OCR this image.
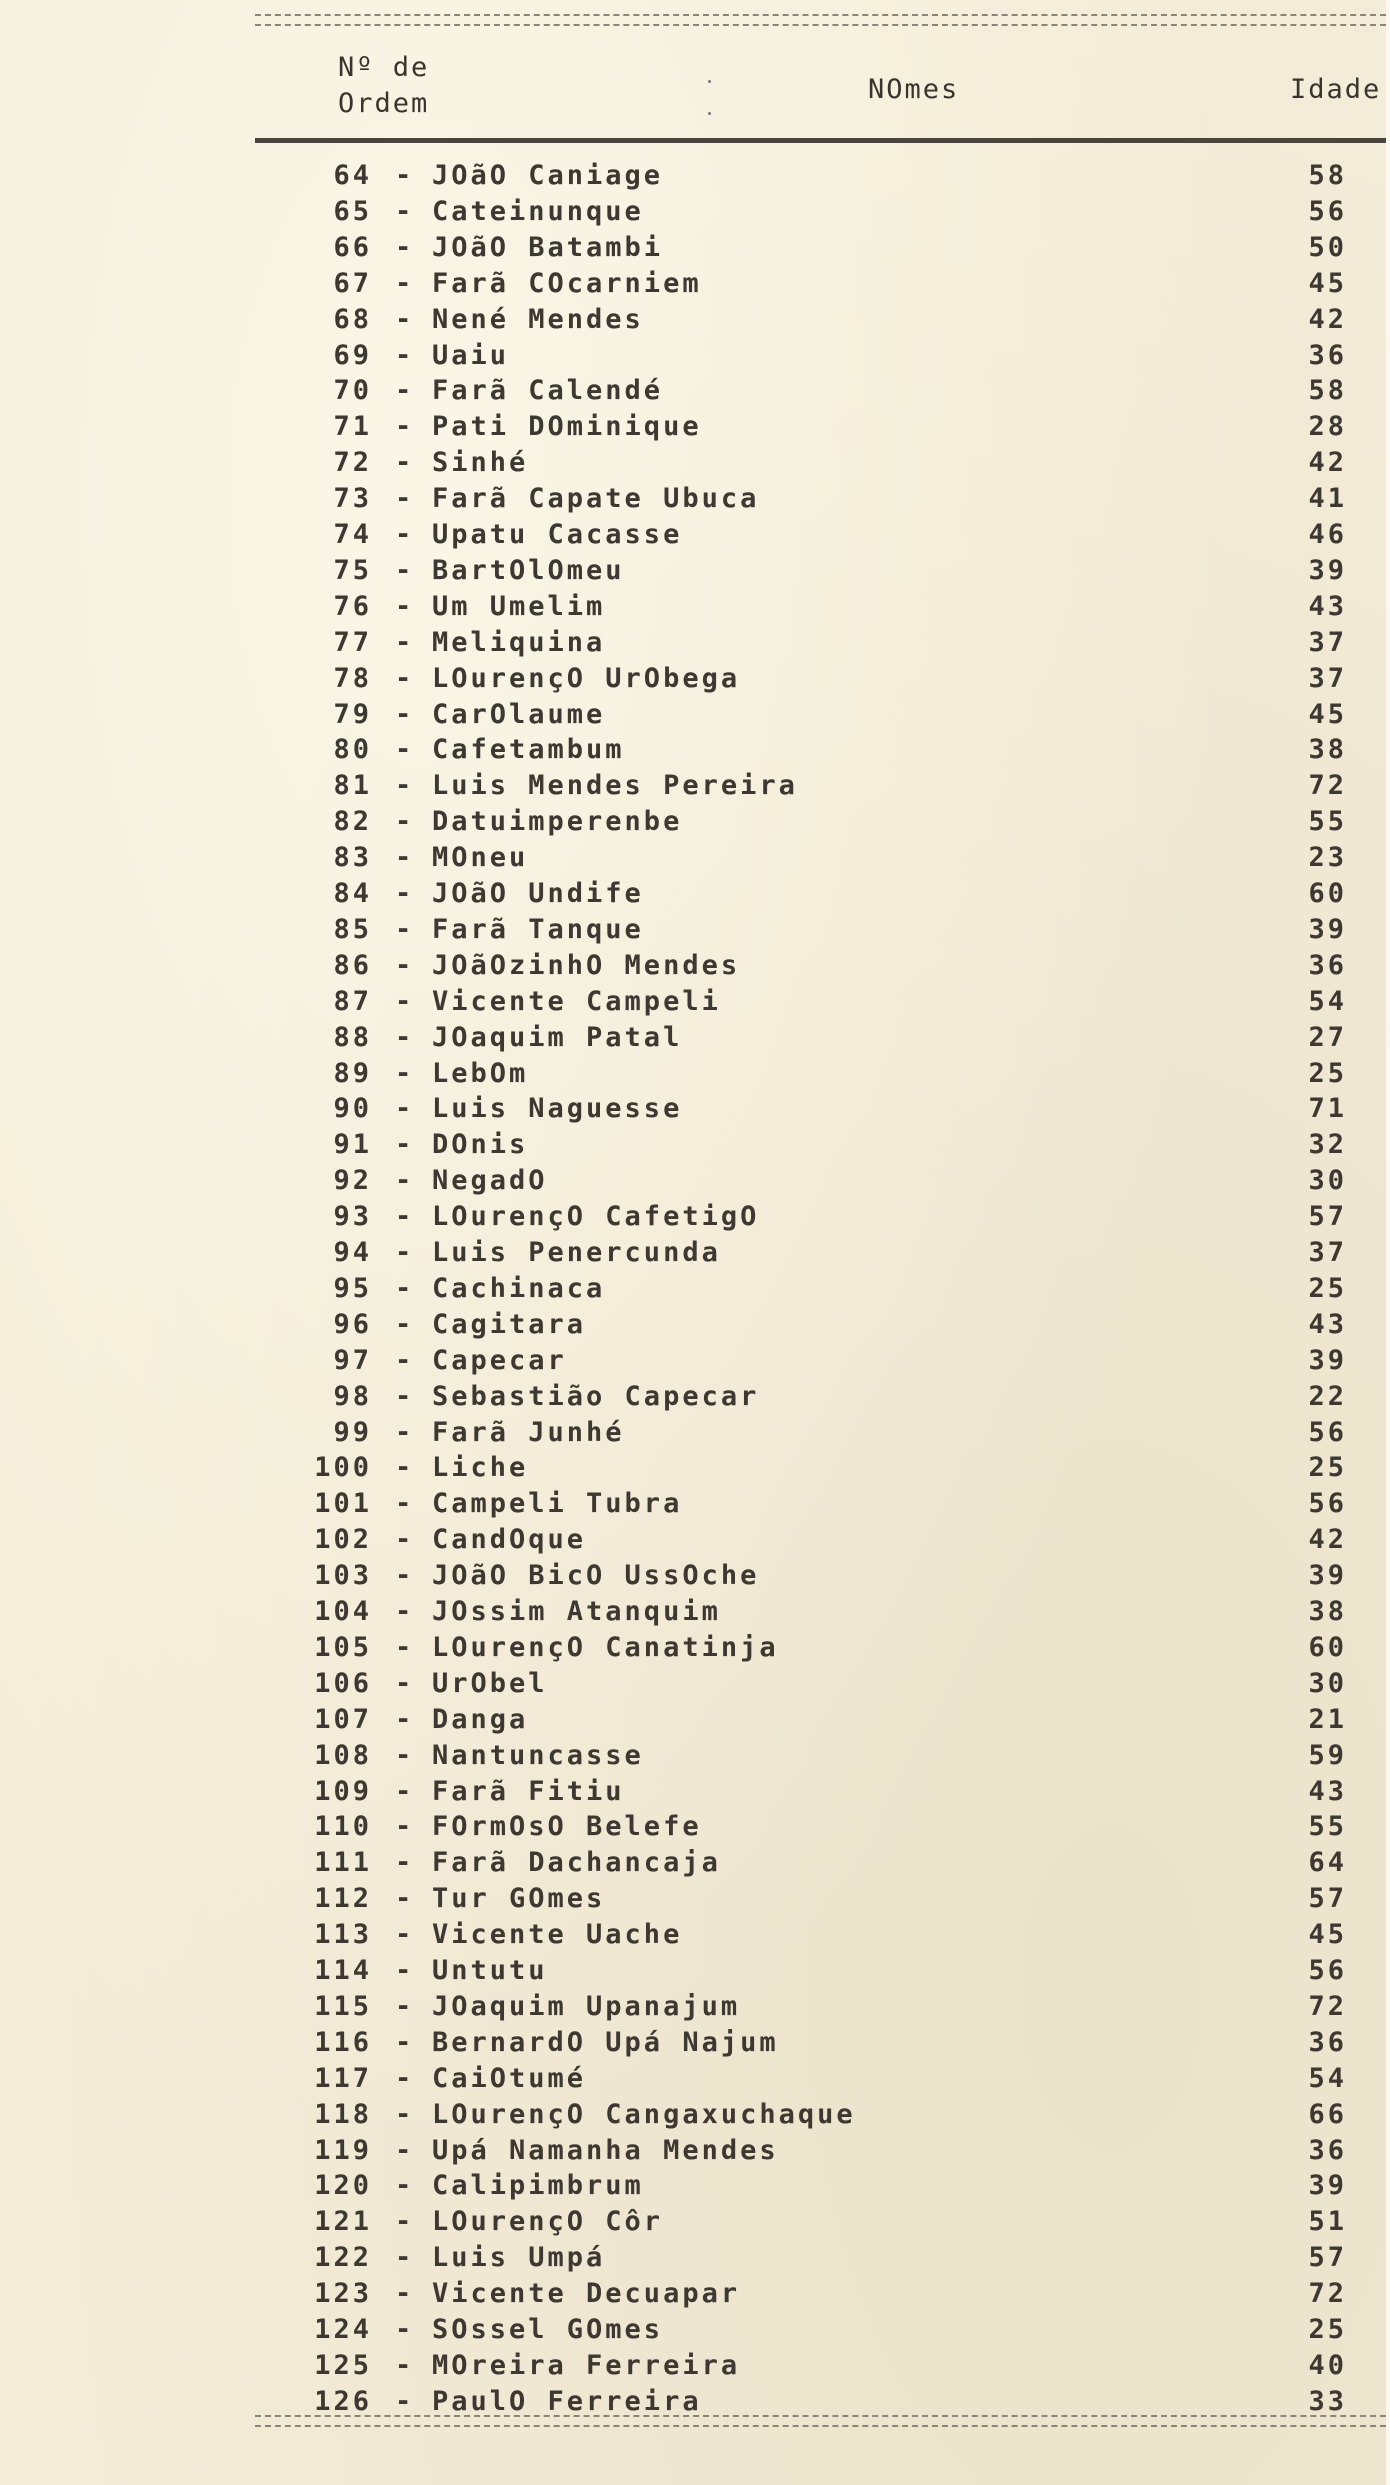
Nº de
Ordem	NOmes	Idade
64 - JOãO Caniage	58
65 - Cateinunque	56
66 - JOãO Batambi	50
67 - Farã COcarniem	45
68 - Nené Mendes	42
69 - Uaiu	36
70 - Farã Calendé	58
71 - Pati DOminique	28
72 - Sinhé	42
73 - Farã Capate Ubuca	41
74 - Upatu Cacasse	46
75 - BartOlOmeu	39
76 - Um Umelim	43
77 - Meliquina	37
78 - LOurençO UrObega	37
79 - CarOlaume	45
80 - Cafetambum	38
81 - Luis Mendes Pereira	72
82 - Datuimperenbe	55
83 - MOneu	23
84 - JOãO Undife	60
85 - Farã Tanque	39
86 - JOãOzinhO Mendes	36
87 - Vicente Campeli	54
88 - JOaquim Patal	27
89 - LebOm	25
90 - Luis Naguesse	71
91 - DOnis	32
92 - NegadO	30
93 - LOurençO CafetigO	57
94 - Luis Penercunda	37
95 - Cachinaca	25
96 - Cagitara	43
97 - Capecar	39
98 - Sebastião Capecar	22
99 - Farã Junhé	56
100 - Liche	25
101 - Campeli Tubra	56
102 - CandOque	42
103 - JOãO BicO UssOche	39
104 - JOssim Atanquim	38
105 - LOurençO Canatinja	60
106 - UrObel	30
107 - Danga	21
108 - Nantuncasse	59
109 - Farã Fitiu	43
110 - FOrmOsO Belefe	55
111 - Farã Dachancaja	64
112 - Tur GOmes	57
113 - Vicente Uache	45
114 - Untutu	56
115 - JOaquim Upanajum	72
116 - BernardO Upá Najum	36
117 - CaiOtumé	54
118 - LOurençO Cangaxuchaque	66
119 - Upá Namanha Mendes	36
120 - Calipimbrum	39
121 - LOurençO Côr	51
122 - Luis Umpá	57
123 - Vicente Decuapar	72
124 - SOssel GOmes	25
125 - MOreira Ferreira	40
126 - PaulO Ferreira	33
